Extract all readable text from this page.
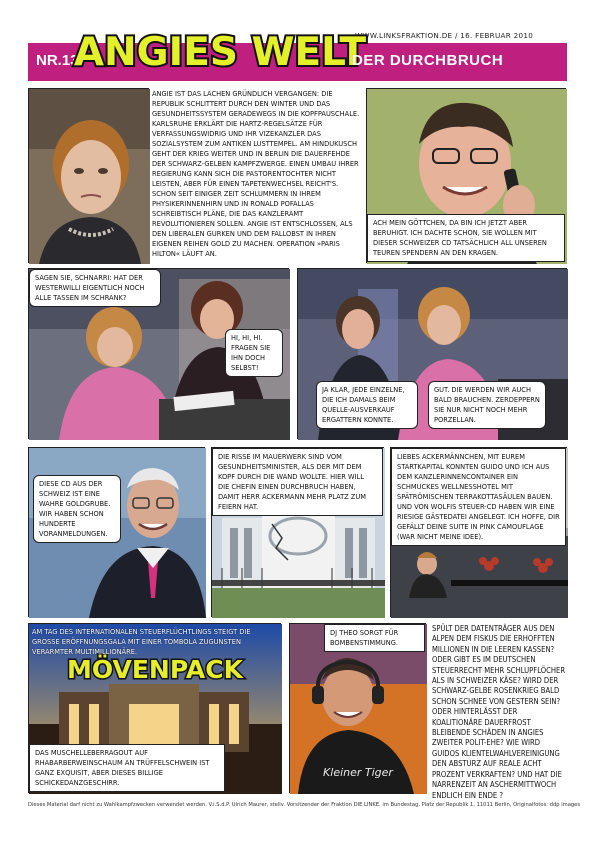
WWW.LINKSFRAKTION.DE / 16. FEBRUAR 2010
NR.13
ANGIES WELT
DER DURCHBRUCH
ANGIE IST DAS LACHEN GRÜNDLICH VERGANGEN: DIE REPUBLIK SCHLITTERT DURCH DEN WINTER UND DAS GESUNDHEITSSYSTEM GERADEWEGS IN DIE KOPFPAUSCHALE. KARLSRUHE ERKLÄRT DIE HARTZ-REGELSÄTZE FÜR VERFASSUNGSWIDRIG UND IHR VIZEKANZLER DAS SOZIALSYSTEM ZUM ANTIKEN LUSTTEMPEL. AM HINDUKUSCH GEHT DER KRIEG WEITER UND IN BERLIN DIE DAUERFEHDE DER SCHWARZ-GELBEN KAMPFZWERGE. EINEN UMBAU IHRER REGIERUNG KANN SICH DIE PASTORENTOCHTER NICHT LEISTEN, ABER FÜR EINEN TAPETENWECHSEL REICHT'S. SCHON SEIT EINIGER ZEIT SCHLUMMERN IN IHREM PHYSIKERINNENHIRN UND IN RONALD POFALLAS SCHREIBTISCH PLÄNE, DIE DAS KANZLERAMT REVOLUTIONIEREN SOLLEN. ANGIE IST ENTSCHLOSSEN, ALS DEN LIBERALEN GURKEN UND DEM FALLOBST IN IHREN EIGENEN REIHEN GOLD ZU MACHEN. OPERATION »PARIS HILTON« LÄUFT AN.
ACH MEIN GÖTTCHEN, DA BIN ICH JETZT ABER BERUHIGT. ICH DACHTE SCHON, SIE WOLLEN MIT DIESER SCHWEIZER CD TATSÄCHLICH ALL UNSEREN TEUREN SPENDERN AN DEN KRAGEN.
SAGEN SIE, SCHNARRI: HAT DER WESTERWILLI EIGENTLICH NOCH ALLE TASSEN IM SCHRANK?
HI, HI, HI. FRAGEN SIE IHN DOCH SELBST!
JA KLAR, JEDE EINZELNE, DIE ICH DAMALS BEIM QUELLE-AUSVERKAUF ERGATTERN KONNTE.
GUT. DIE WERDEN WIR AUCH BALD BRAUCHEN. ZERDEPPERN SIE NUR NICHT NOCH MEHR PORZELLAN.
DIESE CD AUS DER SCHWEIZ IST EINE WAHRE GOLDGRUBE. WIR HABEN SCHON HUNDERTE VORANMELDUNGEN.
DIE RISSE IM MAUERWERK SIND VOM GESUNDHEITSMINISTER, ALS DER MIT DEM KOPF DURCH DIE WAND WOLLTE. HIER WILL DIE CHEFIN EINEN DURCHBRUCH HABEN, DAMIT HERR ACKERMANN MEHR PLATZ ZUM FEIERN HAT.
LIEBES ACKERMÄNNCHEN, MIT EUREM STARTKAPITAL KONNTEN GUIDO UND ICH AUS DEM KANZLERINNENCONTAINER EIN SCHMUCKES WELLNESSHOTEL MIT SPÄTRÖMISCHEN TERRAKOTTASÄULEN BAUEN. UND VON WOLFIS STEUER-CD HABEN WIR EINE RIESIGE GÄSTEDATEI ANGELEGT. ICH HOFFE, DIR GEFÄLLT DEINE SUITE IN PINK CAMOUFLAGE (WAR NICHT MEINE IDEE).
MÖVENPACK
AM TAG DES INTERNATIONALEN STEUERFLÜCHTLINGS STEIGT DIE GROSSE ERÖFFNUNGSGALA MIT EINER TOMBOLA ZUGUNSTEN VERARMTER MULTIMILLIONÄRE.
DAS MUSCHELLEBERRAGOUT AUF RHABARBERWEINSCHAUM AN TRÜFFELSCHWEIN IST GANZ EXQUISIT, ABER DIESES BILLIGE SCHICKEDANZGESCHIRR.
Kleiner Tiger
DJ THEO SORGT FÜR BOMBENSTIMMUNG.
SPÜLT DER DATENTRÄGER AUS DEN ALPEN DEM FISKUS DIE ERHOFFTEN MILLIONEN IN DIE LEEREN KASSEN? ODER GIBT ES IM DEUTSCHEN STEUERRECHT MEHR SCHLUPFLÖCHER ALS IN SCHWEIZER KÄSE? WIRD DER SCHWARZ-GELBE ROSENKRIEG BALD SCHON SCHNEE VON GESTERN SEIN? ODER HINTERLÄSST DER KOALITIONÄRE DAUERFROST BLEIBENDE SCHÄDEN IN ANGIES ZWEITER POLIT-EHE? WIE WIRD GUIDOS KLIENTELWAHLVEREINIGUNG DEN ABSTURZ AUF REALE ACHT PROZENT VERKRAFTEN? UND HAT DIE NARRENZEIT AN ASCHERMITTWOCH ENDLICH EIN ENDE ?
Dieses Material darf nicht zu Wahlkampfzwecken verwendet werden. V.i.S.d.P. Ulrich Maurer, stellv. Vorsitzender der Fraktion DIE LINKE. im Bundestag, Platz der Republik 1, 11011 Berlin, Originalfotos: ddp images
